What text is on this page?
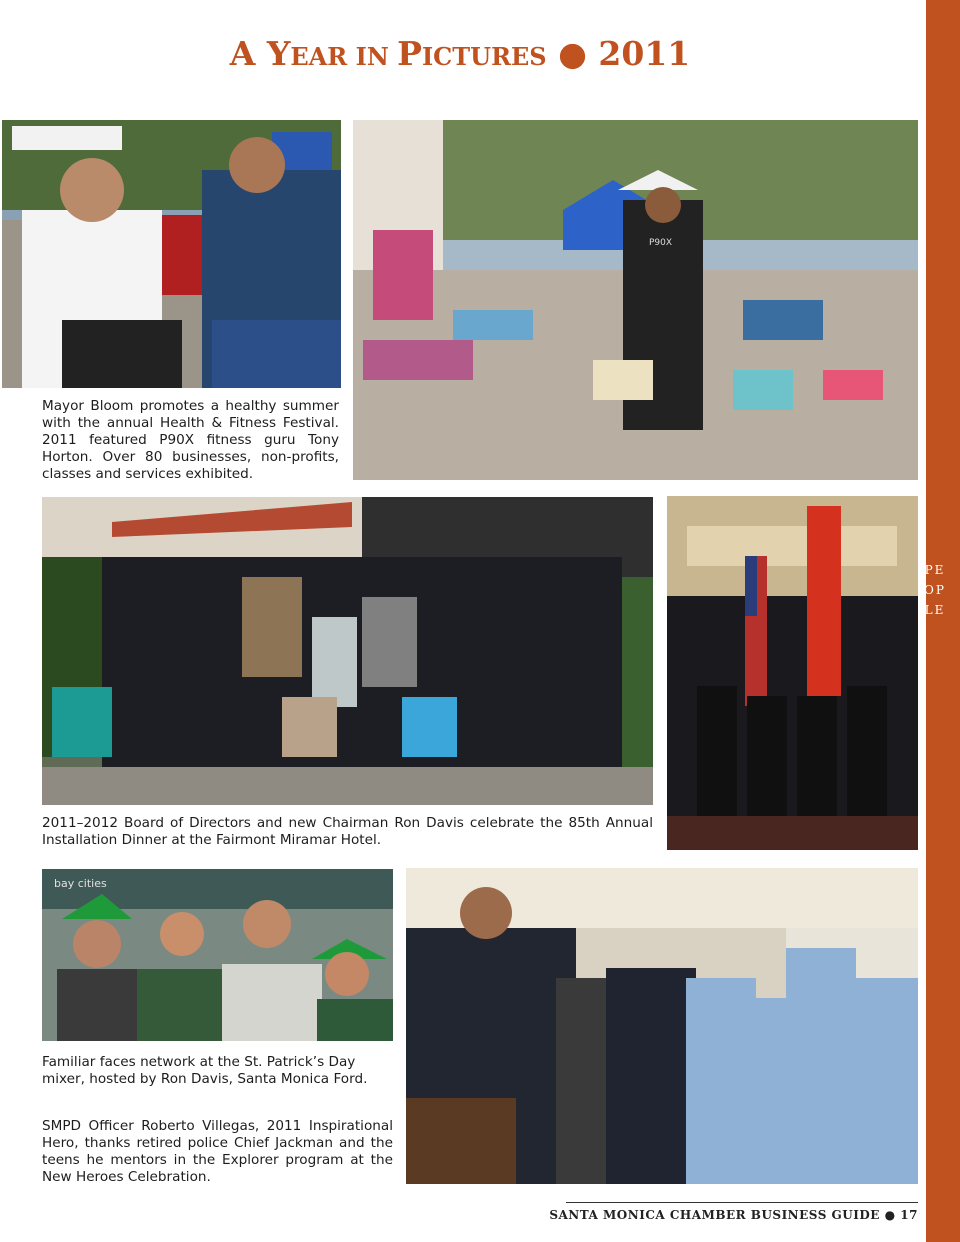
PEOPLE
A YEAR IN PICTURES ● 2011
P90X
Mayor Bloom promotes a healthy summer with the annual Health & Fitness Festival. 2011 featured P90X fitness guru Tony Horton. Over 80 businesses, non-profits, classes and services exhibited.
2011–2012 Board of Directors and new Chairman Ron Davis celebrate the 85th Annual Installation Dinner at the Fairmont Miramar Hotel.
bay cities
Familiar faces network at the St. Patrick’s Day mixer, hosted by Ron Davis, Santa Monica Ford.
SMPD Officer Roberto Villegas, 2011 Inspirational Hero, thanks retired police Chief Jackman and the teens he mentors in the Explorer program at the New Heroes Celebration.
SANTA MONICA CHAMBER BUSINESS GUIDE ● 17
